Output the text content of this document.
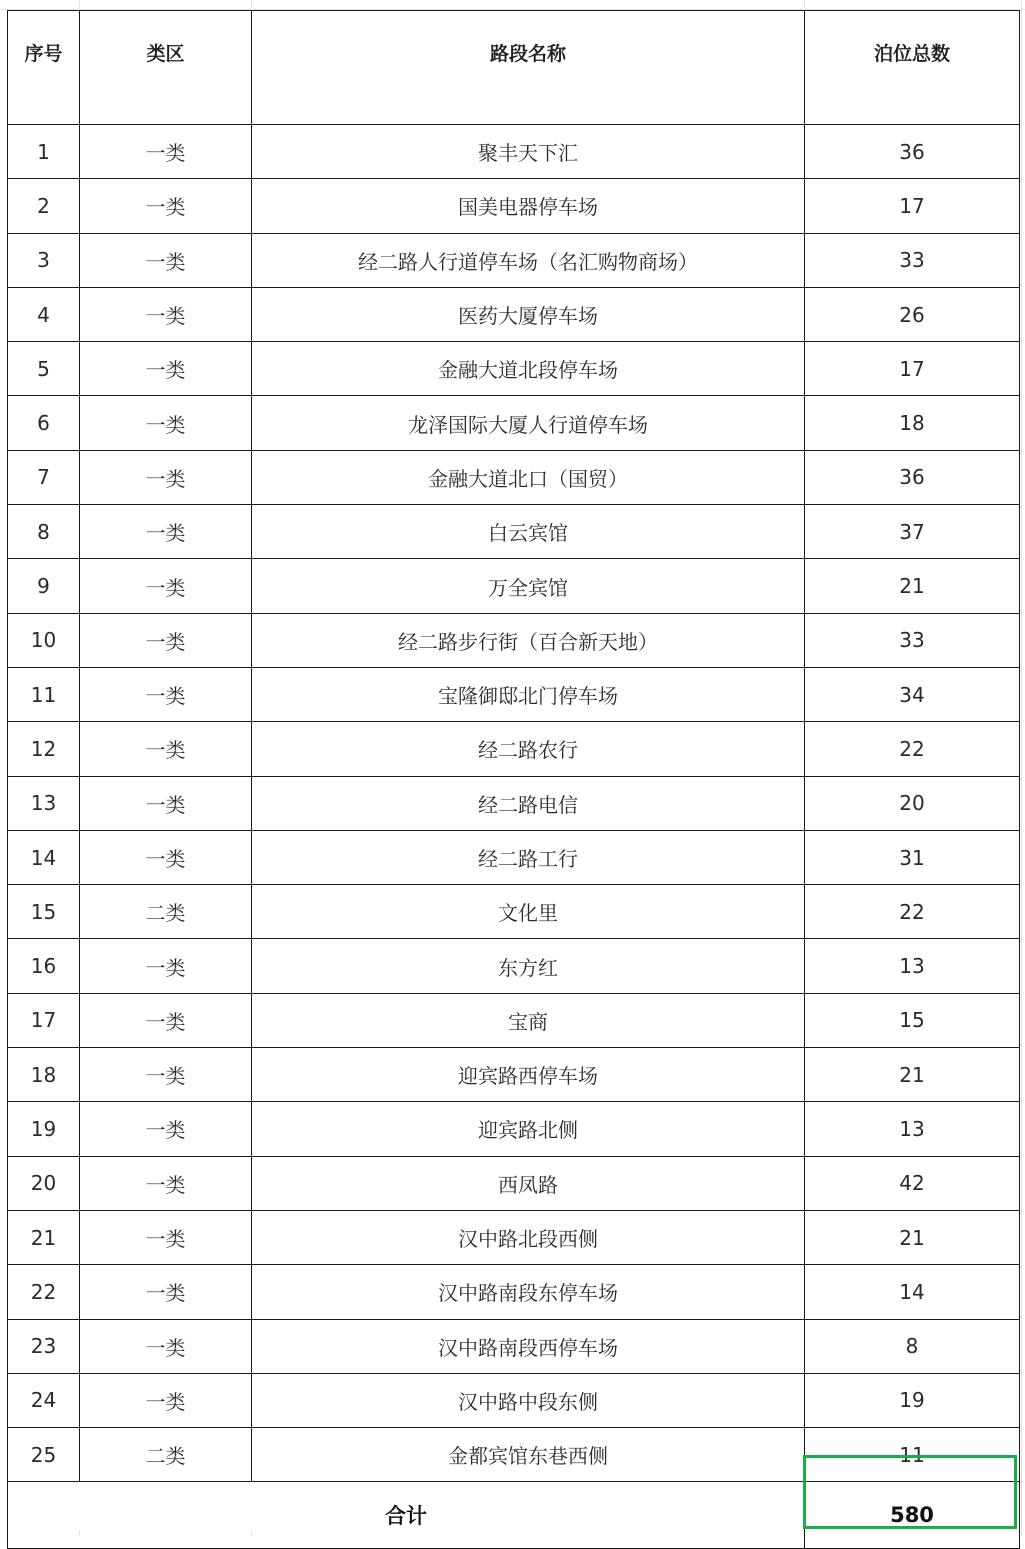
序号	类区	路段名称	泊位总数
1	一类	聚丰天下汇	36
2	一类	国美电器停车场	17
3	一类	经二路人行道停车场（名汇购物商场）	33
4	一类	医药大厦停车场	26
5	一类	金融大道北段停车场	17
6	一类	龙泽国际大厦人行道停车场	18
7	一类	金融大道北口（国贸）	36
8	一类	白云宾馆	37
9	一类	万全宾馆	21
10	一类	经二路步行街（百合新天地）	33
11	一类	宝隆御邸北门停车场	34
12	一类	经二路农行	22
13	一类	经二路电信	20
14	一类	经二路工行	31
15	二类	文化里	22
16	一类	东方红	13
17	一类	宝商	15
18	一类	迎宾路西停车场	21
19	一类	迎宾路北侧	13
20	一类	西凤路	42
21	一类	汉中路北段西侧	21
22	一类	汉中路南段东停车场	14
23	一类	汉中路南段西停车场	8
24	一类	汉中路中段东侧	19
25	二类	金都宾馆东巷西侧	11
合计			580
